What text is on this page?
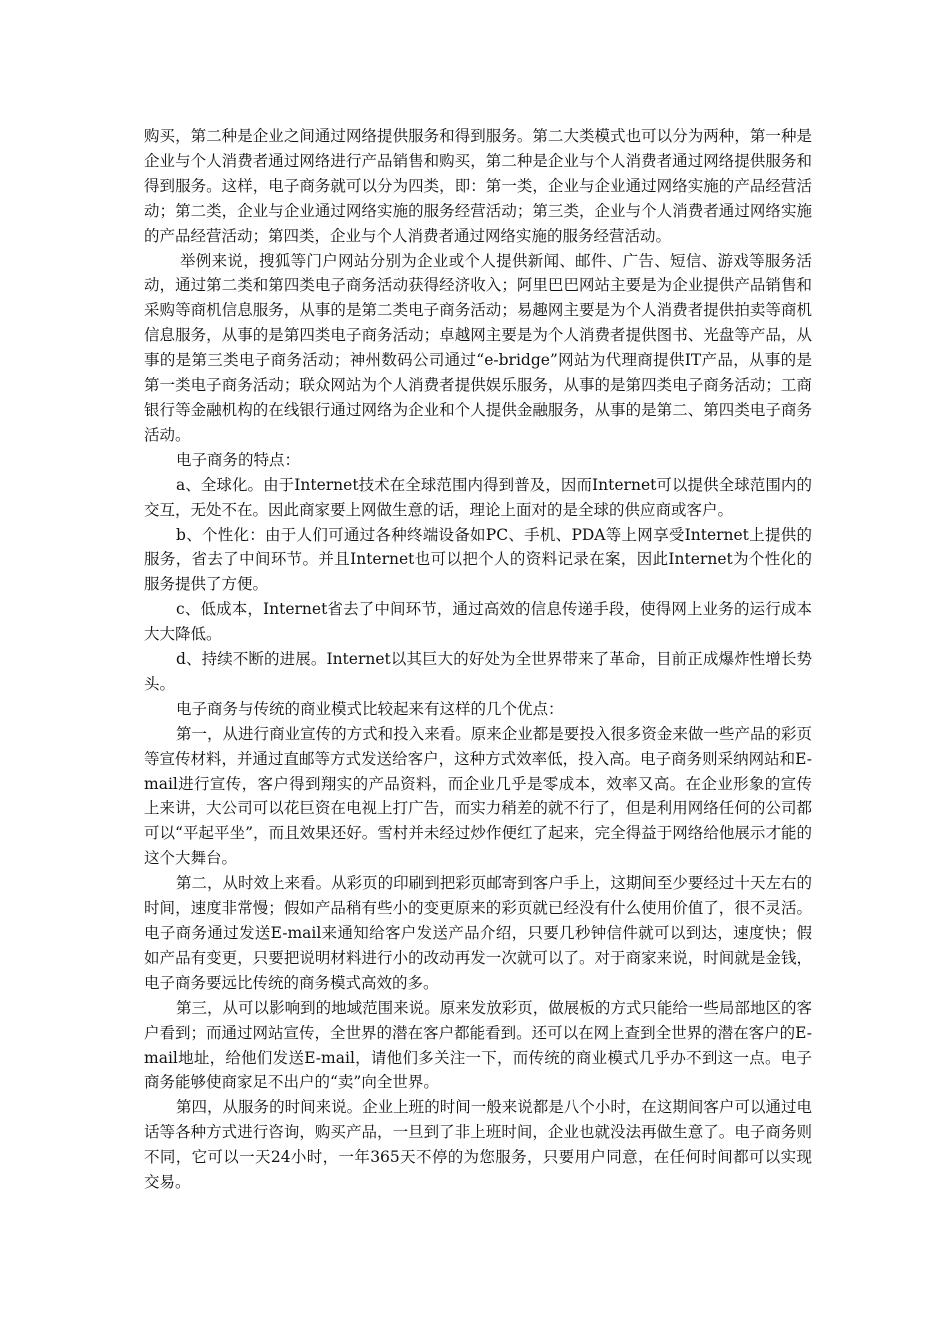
购买，第二种是企业之间通过网络提供服务和得到服务。第二大类模式也可以分为两种，第一种是企业与个人消费者通过网络进行产品销售和购买，第二种是企业与个人消费者通过网络提供服务和得到服务。这样，电子商务就可以分为四类，即：第一类，企业与企业通过网络实施的产品经营活动；第二类，企业与企业通过网络实施的服务经营活动；第三类，企业与个人消费者通过网络实施的产品经营活动；第四类，企业与个人消费者通过网络实施的服务经营活动。

举例来说，搜狐等门户网站分别为企业或个人提供新闻、邮件、广告、短信、游戏等服务活动，通过第二类和第四类电子商务活动获得经济收入；阿里巴巴网站主要是为企业提供产品销售和采购等商机信息服务，从事的是第二类电子商务活动；易趣网主要是为个人消费者提供拍卖等商机信息服务，从事的是第四类电子商务活动；卓越网主要是为个人消费者提供图书、光盘等产品，从事的是第三类电子商务活动；神州数码公司通过“e-bridge”网站为代理商提供IT产品，从事的是第一类电子商务活动；联众网站为个人消费者提供娱乐服务，从事的是第四类电子商务活动；工商银行等金融机构的在线银行通过网络为企业和个人提供金融服务，从事的是第二、第四类电子商务活动。

电子商务的特点：

a、全球化。由于Internet技术在全球范围内得到普及，因而Internet可以提供全球范围内的交互，无处不在。因此商家要上网做生意的话，理论上面对的是全球的供应商或客户。

b、个性化：由于人们可通过各种终端设备如PC、手机、PDA等上网享受Internet上提供的服务，省去了中间环节。并且Internet也可以把个人的资料记录在案，因此Internet为个性化的服务提供了方便。

c、低成本，Internet省去了中间环节，通过高效的信息传递手段，使得网上业务的运行成本大大降低。

d、持续不断的进展。Internet以其巨大的好处为全世界带来了革命，目前正成爆炸性增长势头。

电子商务与传统的商业模式比较起来有这样的几个优点：

第一，从进行商业宣传的方式和投入来看。原来企业都是要投入很多资金来做一些产品的彩页等宣传材料，并通过直邮等方式发送给客户，这种方式效率低，投入高。电子商务则采纳网站和E-mail进行宣传，客户得到翔实的产品资料，而企业几乎是零成本，效率又高。在企业形象的宣传上来讲，大公司可以花巨资在电视上打广告，而实力稍差的就不行了，但是利用网络任何的公司都可以“平起平坐”，而且效果还好。雪村并未经过炒作便红了起来，完全得益于网络给他展示才能的这个大舞台。

第二，从时效上来看。从彩页的印刷到把彩页邮寄到客户手上，这期间至少要经过十天左右的时间，速度非常慢；假如产品稍有些小的变更原来的彩页就已经没有什么使用价值了，很不灵活。电子商务通过发送E-mail来通知给客户发送产品介绍，只要几秒钟信件就可以到达，速度快；假如产品有变更，只要把说明材料进行小的改动再发一次就可以了。对于商家来说，时间就是金钱，电子商务要远比传统的商务模式高效的多。

第三，从可以影响到的地域范围来说。原来发放彩页，做展板的方式只能给一些局部地区的客户看到；而通过网站宣传，全世界的潜在客户都能看到。还可以在网上查到全世界的潜在客户的E-mail地址，给他们发送E-mail，请他们多关注一下，而传统的商业模式几乎办不到这一点。电子商务能够使商家足不出户的“卖”向全世界。

第四，从服务的时间来说。企业上班的时间一般来说都是八个小时，在这期间客户可以通过电话等各种方式进行咨询，购买产品，一旦到了非上班时间，企业也就没法再做生意了。电子商务则不同，它可以一天24小时，一年365天不停的为您服务，只要用户同意，在任何时间都可以实现交易。
